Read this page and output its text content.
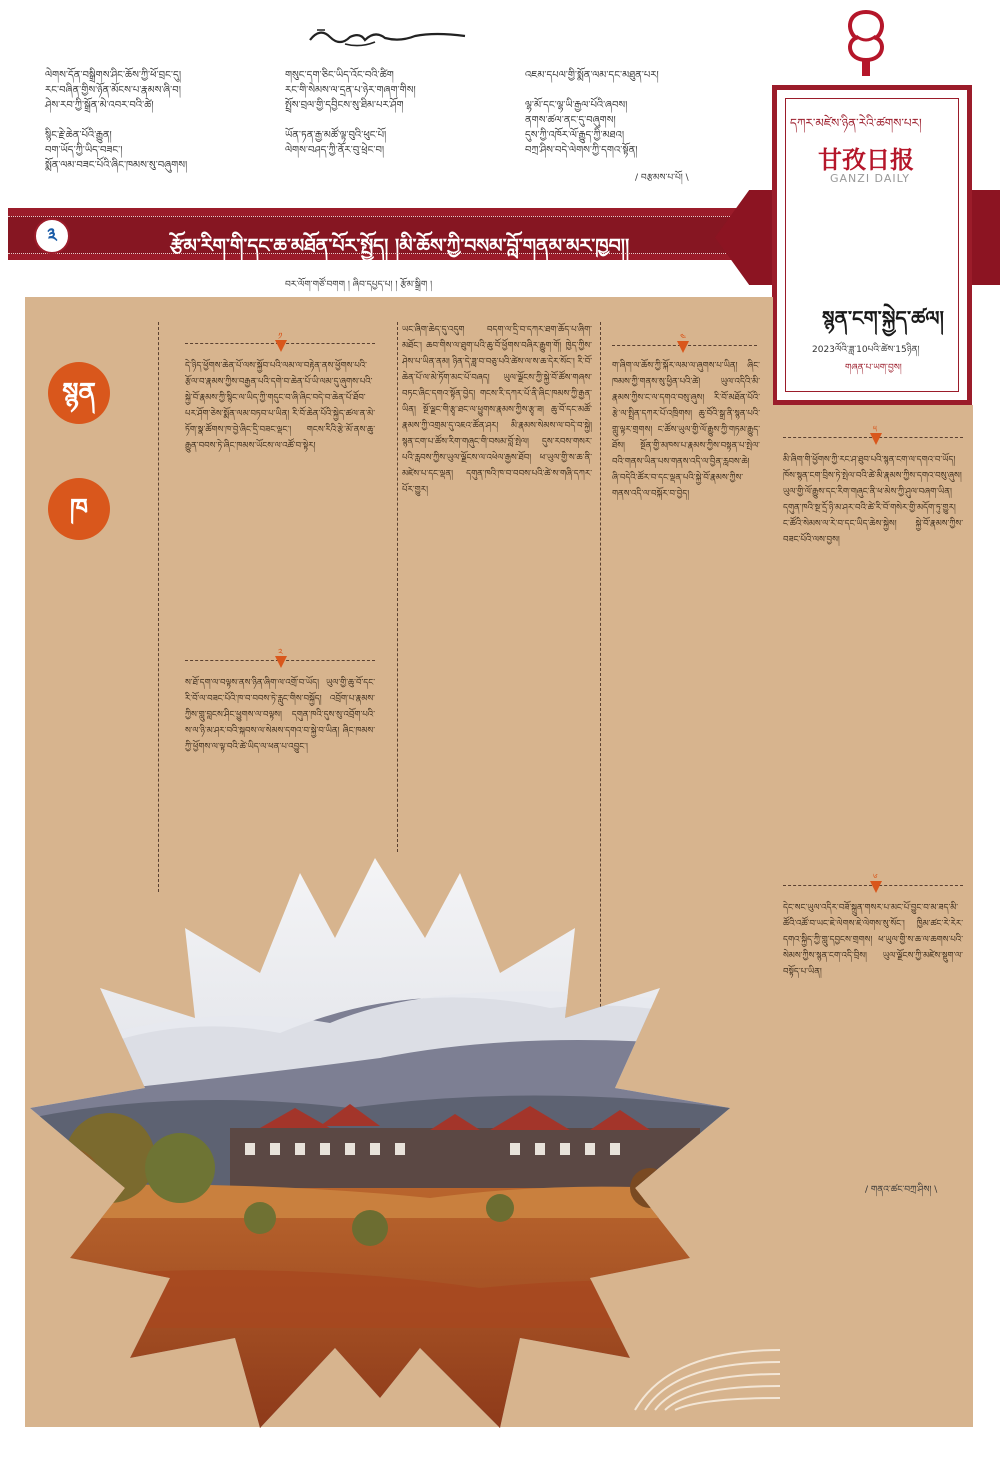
ལེགས་དོན་བསྒྲིགས་ཤིང་ཆོས་ཀྱི་ཕོ་བྲང་དུ།
རང་བཞིན་གྱིས་ཉོན་མོངས་པ་རྣམས་ཞི་བ།
ཤེས་རབ་ཀྱི་སྒྲོན་མེ་འབར་བའི་ཚེ།

སྙིང་རྗེ་ཆེན་པོའི་རྒྱུན།
བག་ཡོད་ཀྱི་ཡིད་བཟང་།
སྨོན་ལམ་བཟང་པོའི་ཞིང་ཁམས་སུ་བཞུགས།
གསུང་དག་ཅིང་ཡིད་འོང་བའི་ཚིག
རང་གི་སེམས་ལ་དྲན་པ་ཉེར་གཞག་གིས།
སྤྲོས་བྲལ་གྱི་དབྱིངས་སུ་ཐིམ་པར་ཤོག

ཡོན་ཏན་རྒྱ་མཚོ་ལྟ་བུའི་ཕུང་པོ།
ལེགས་བཤད་ཀྱི་ནོར་བུ་ཕྲེང་བ།
འཇམ་དཔལ་གྱི་སྨོན་ལམ་དང་མཐུན་པར།

ལྷ་མོ་དང་ལྷ་ཡི་རྒྱལ་པོའི་ཞབས།
ནགས་ཚལ་ནང་དུ་བཞུགས།
དུས་ཀྱི་འཁོར་ལོ་རྒྱུད་ཀྱི་མཐའ།
བཀྲ་ཤིས་བདེ་ལེགས་ཀྱི་དགའ་སྟོན།
/ བརྩམས་པ་པོ། \
༣	རྩོམ་རིག་གི་དང་ཆ་མཐོན་པོར་སྤྱོད། །མི་ཆོས་ཀྱི་བསམ་བློ་གནམ་མར་ཁྱབ།།
དཀར་མཛེས་ཉིན་རེའི་ཚགས་པར།
甘孜日报
GANZI DAILY
སྙན་ངག་སྐྱེད་ཚལ།
2023ལོའི་ཟླ་10པའི་ཚེས་15ཉིན།
གཞན་པ་ཡག་བྱས།
བར་ལོག་གཙོ་བགག ། ཞིབ་དཔྱད་པ། ། རྩོམ་སྒྲིག །
སྙན
ཁ
༡
༢
༤
༥
༦
དེ་ཉིད་ཕྱོགས་ཆེན་པོ་ལས་སྐྱོབ་པའི་ལམ་ལ་བརྟེན་ནས་ཕྱོགས་པའི་རྩོལ་བ་རྣམས་ཀྱིས་བརྒྱན་པའི་དགེ་བ་ཆེན་པོ་ཡི་ལམ་དུ་ཞུགས་པའི་སྐྱེ་བོ་རྣམས་ཀྱི་སྙིང་ལ་ཡིད་ཀྱི་གདུང་བ་ཞི་ཞིང་བདེ་བ་ཆེན་པོ་ཐོབ་པར་ཤོག་ཅེས་སྨོན་ལམ་བཏབ་པ་ཡིན། རི་བོ་ཆེན་པོའི་སྐྱེད་ཚལ་ན་མེ་ཏོག་སྣ་ཚོགས་ཁ་བྱེ་ཞིང་དྲི་བཟང་ལྡང་། གངས་རིའི་རྩེ་མོ་ནས་ཆུ་རྒྱུན་བབས་ཏེ་ཞིང་ཁམས་ཡོངས་ལ་འཚོ་བ་སྟེར།
ས་ཐོ་དག་ལ་བལྟས་ནས་ཉིན་ཞིག་ལ་འགྲོ་བ་ཡོད། ཡུལ་གྱི་ཆུ་བོ་དང་རི་བོ་ལ་བཟང་པོའི་ཁ་བ་བབས་ཏེ་རླུང་གིས་བསྐྱོད། འབྲོག་པ་རྣམས་ཀྱིས་གླུ་བླངས་ཤིང་ཕྱུགས་ལ་བལྟས། དགུན་ཁའི་དུས་སུ་འབྲོག་པའི་ས་ལ་ཉི་མ་ཤར་བའི་སྐབས་ལ་སེམས་དགའ་བ་སྐྱེ་བ་ཡིན། ཞིང་ཁམས་ཀྱི་ཕྱོགས་ལ་ལྟ་བའི་ཚེ་ཡིད་ལ་ཕན་པ་འབྱུང་།
ཡང་ཞིག་ཆེད་དུ་འདུག བདག་ལ་དྲི་བ་དཀར་ཐག་ཆོད་པ་ཞིག་མཐོང་། ཆབ་གིས་ལ་ཐུག་པའི་ཆུ་བོ་ཕྱོགས་བཞིར་རྒྱུག་གོ། ཁྱེད་ཀྱིས་ཤེས་པ་ཡིན་ནམ། ཉིན་དེ་ཟླ་བ་བཅུ་པའི་ཚེས་ལ་ས་ཆ་དེར་སོང་། རི་བོ་ཆེན་པོ་ལ་མེ་ཏོག་མང་པོ་བཞད། ཡུལ་ལྗོངས་ཀྱི་སྐྱེ་བོ་ཚོས་གཞས་བཏང་ཞིང་དགའ་སྟོན་བྱེད། གངས་རི་དཀར་པོ་ནི་ཞིང་ཁམས་ཀྱི་རྒྱན་ཡིན། སྔོ་ལྗང་གི་རྩྭ་ཐང་ལ་ཕྱུགས་རྣམས་ཀྱིས་རྩྭ་ཟ། ཆུ་བོ་དང་མཚོ་རྣམས་ཀྱི་འགྲམ་དུ་འཇའ་ཚོན་ཤར། མི་རྣམས་སེམས་ལ་བདེ་བ་སྐྱེ། སྙན་ངག་པ་ཚོས་རིག་གཞུང་གི་བསམ་བློ་སྤེལ། དུས་རབས་གསར་པའི་རླབས་ཀྱིས་ཡུལ་ལྗོངས་ལ་འཕེལ་རྒྱས་ཐོབ། ཕ་ཡུལ་གྱི་ས་ཆ་ནི་མཛེས་པ་དང་ལྡན། དགུན་ཁའི་ཁ་བ་བབས་པའི་ཚེ་ས་གཞི་དཀར་པོར་གྱུར།
ག་ཞིག་ལ་ཆོས་ཀྱི་སྐོར་ལམ་ལ་ཞུགས་པ་ཡིན། ཞིང་ཁམས་ཀྱི་གནས་སུ་ཕྱིན་པའི་ཚེ། ཡུལ་འདིའི་མི་རྣམས་ཀྱིས་ང་ལ་དགའ་བསུ་ཞུས། རི་བོ་མཐོན་པོའི་རྩེ་ལ་སྤྲིན་དཀར་པོ་འཁྲིགས། ཆུ་བོའི་སྒྲ་ནི་སྙན་པའི་གླུ་ལྟར་གྲགས། ང་ཚོས་ཡུལ་གྱི་ལོ་རྒྱུས་ཀྱི་གཏམ་རྒྱུད་ཐོས། སྔོན་གྱི་མཁས་པ་རྣམས་ཀྱིས་བསྟན་པ་སྤེལ་བའི་གནས་ཡིན་པས་གནས་འདི་ལ་བྱིན་རླབས་ཆེ། ཞི་བདེའི་ཚོར་བ་དང་ལྡན་པའི་སྐྱེ་བོ་རྣམས་ཀྱིས་གནས་འདི་ལ་བསྐོར་བ་བྱེད།
མི་ཞིག་གི་ཕྱོགས་ཀྱི་རང་ཤ་ཐུབ་པའི་སྙན་ངག་ལ་དགའ་བ་ཡོད། ཁོས་སྙན་ངག་བྲིས་ཏེ་སྤེལ་བའི་ཚེ་མི་རྣམས་ཀྱིས་དགའ་བསུ་ཞུས། ཡུལ་གྱི་ལོ་རྒྱུས་དང་རིག་གཞུང་ནི་ཕ་མེས་ཀྱི་ཤུལ་བཞག་ཡིན། དགུན་ཁའི་སྔ་དྲོ་ཉི་མ་ཤར་བའི་ཚེ་རི་བོ་གསེར་གྱི་མདོག་ཏུ་གྱུར། ང་ཚོའི་སེམས་ལ་རེ་བ་དང་ཡིད་ཆེས་སྐྱེས། སྐྱེ་བོ་རྣམས་ཀྱིས་བཟང་པོའི་ལས་བྱས།
དེང་སང་ཡུལ་འདིར་བཟོ་སྐྲུན་གསར་པ་མང་པོ་བྱུང་བ་མ་ཟད་མི་ཚོའི་འཚོ་བ་ཡང་ཇེ་ལེགས་ཇེ་ལེགས་སུ་སོང་། ཁྱིམ་ཚང་རེ་རེར་དགའ་སྐྱིད་ཀྱི་གླུ་དབྱངས་གྲགས། ཕ་ཡུལ་གྱི་ས་ཆ་ལ་ཆགས་པའི་སེམས་ཀྱིས་སྙན་ངག་འདི་བྲིས། ཡུལ་ལྗོངས་ཀྱི་མཛེས་སྡུག་ལ་བསྟོད་པ་ཡིན།
/ གནའ་ཚང་བཀྲ་ཤིས། \
